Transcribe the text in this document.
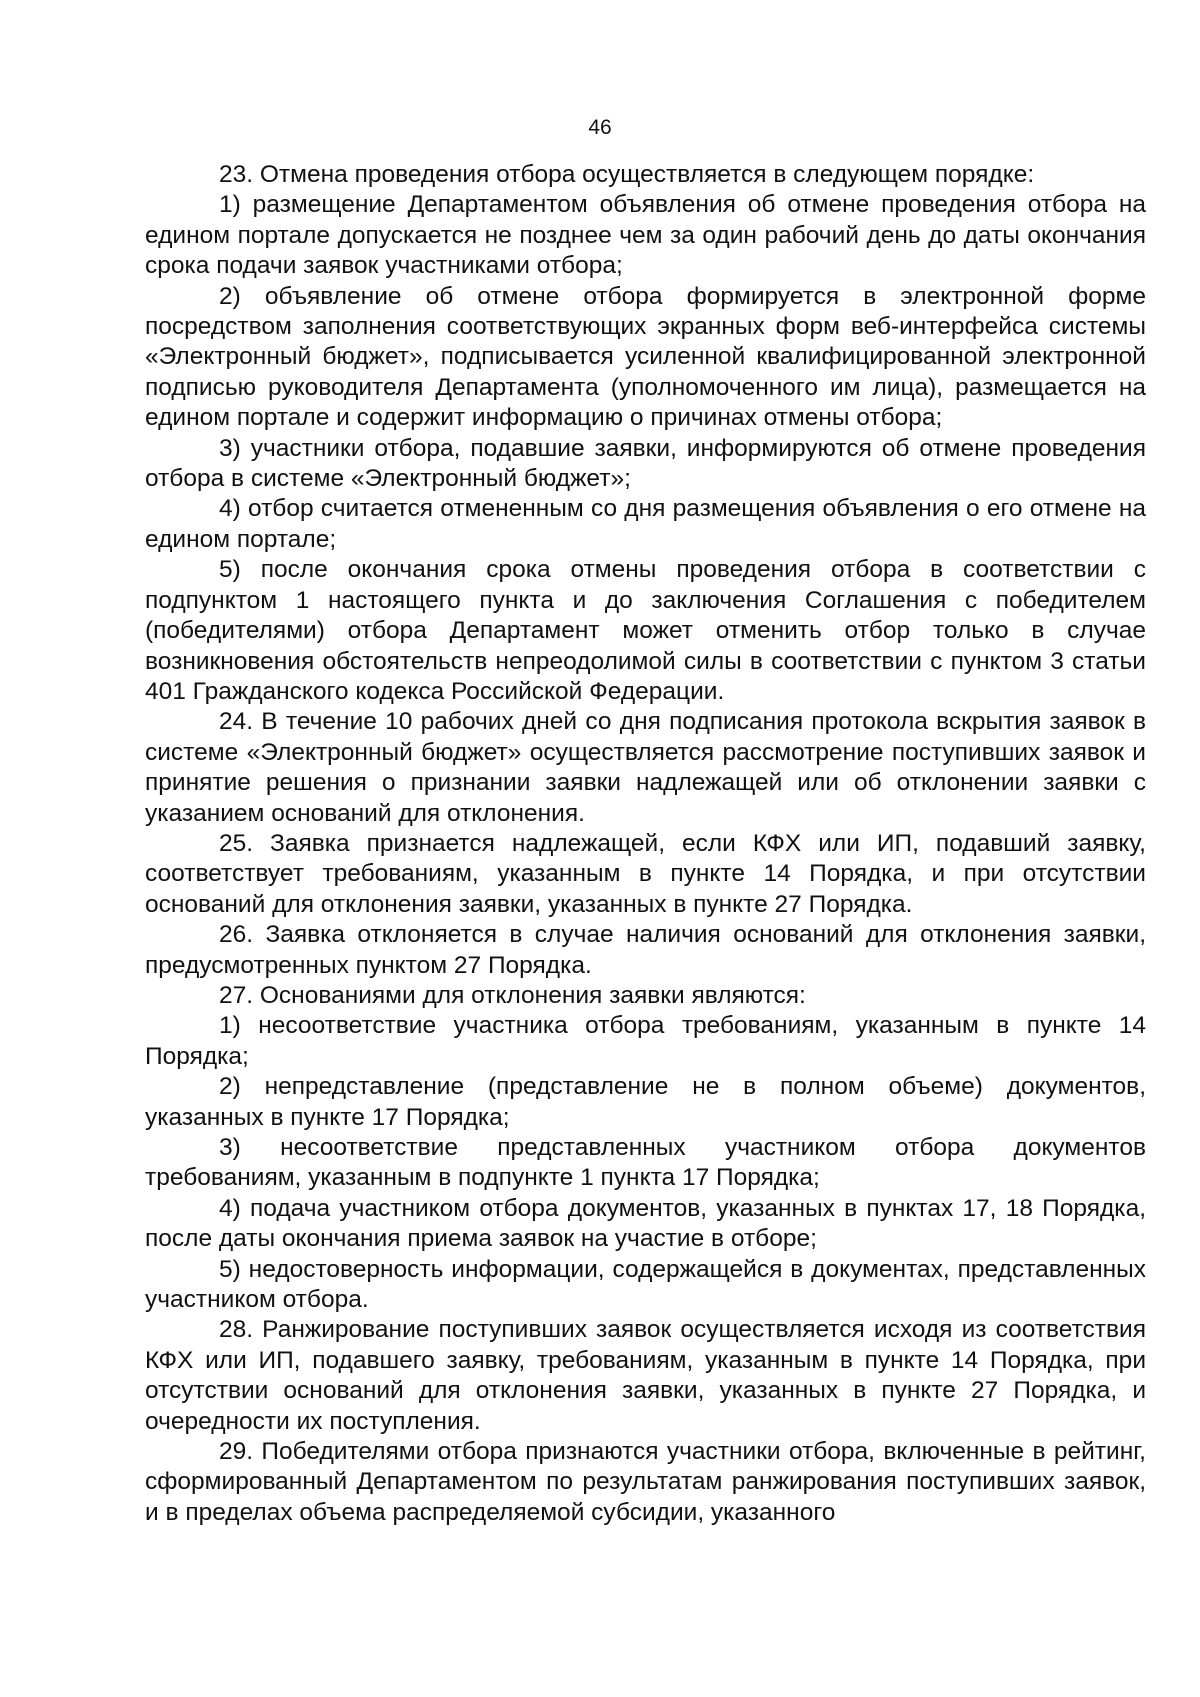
46

23. Отмена проведения отбора осуществляется в следующем порядке:

1) размещение Департаментом объявления об отмене проведения отбора на едином портале допускается не позднее чем за один рабочий день до даты окончания срока подачи заявок участниками отбора;

2) объявление об отмене отбора формируется в электронной форме посредством заполнения соответствующих экранных форм веб-интерфейса системы «Электронный бюджет», подписывается усиленной квалифицированной электронной подписью руководителя Департамента (уполномоченного им лица), размещается на едином портале и содержит информацию о причинах отмены отбора;

3) участники отбора, подавшие заявки, информируются об отмене проведения отбора в системе «Электронный бюджет»;

4) отбор считается отмененным со дня размещения объявления о его отмене на едином портале;

5) после окончания срока отмены проведения отбора в соответствии с подпунктом 1 настоящего пункта и до заключения Соглашения с победителем (победителями) отбора Департамент может отменить отбор только в случае возникновения обстоятельств непреодолимой силы в соответствии с пунктом 3 статьи 401 Гражданского кодекса Российской Федерации.

24. В течение 10 рабочих дней со дня подписания протокола вскрытия заявок в системе «Электронный бюджет» осуществляется рассмотрение поступивших заявок и принятие решения о признании заявки надлежащей или об отклонении заявки с указанием оснований для отклонения.

25. Заявка признается надлежащей, если КФХ или ИП, подавший заявку, соответствует требованиям, указанным в пункте 14 Порядка, и при отсутствии оснований для отклонения заявки, указанных в пункте 27 Порядка.

26. Заявка отклоняется в случае наличия оснований для отклонения заявки, предусмотренных пунктом 27 Порядка.

27. Основаниями для отклонения заявки являются:

1) несоответствие участника отбора требованиям, указанным в пункте 14 Порядка;

2) непредставление (представление не в полном объеме) документов, указанных в пункте 17 Порядка;

3) несоответствие представленных участником отбора документов требованиям, указанным в подпункте 1 пункта 17 Порядка;

4) подача участником отбора документов, указанных в пунктах 17, 18 Порядка, после даты окончания приема заявок на участие в отборе;

5) недостоверность информации, содержащейся в документах, представленных участником отбора.

28. Ранжирование поступивших заявок осуществляется исходя из соответствия КФХ или ИП, подавшего заявку, требованиям, указанным в пункте 14 Порядка, при отсутствии оснований для отклонения заявки, указанных в пункте 27 Порядка, и очередности их поступления.

29. Победителями отбора признаются участники отбора, включенные в рейтинг, сформированный Департаментом по результатам ранжирования поступивших заявок, и в пределах объема распределяемой субсидии, указанного
